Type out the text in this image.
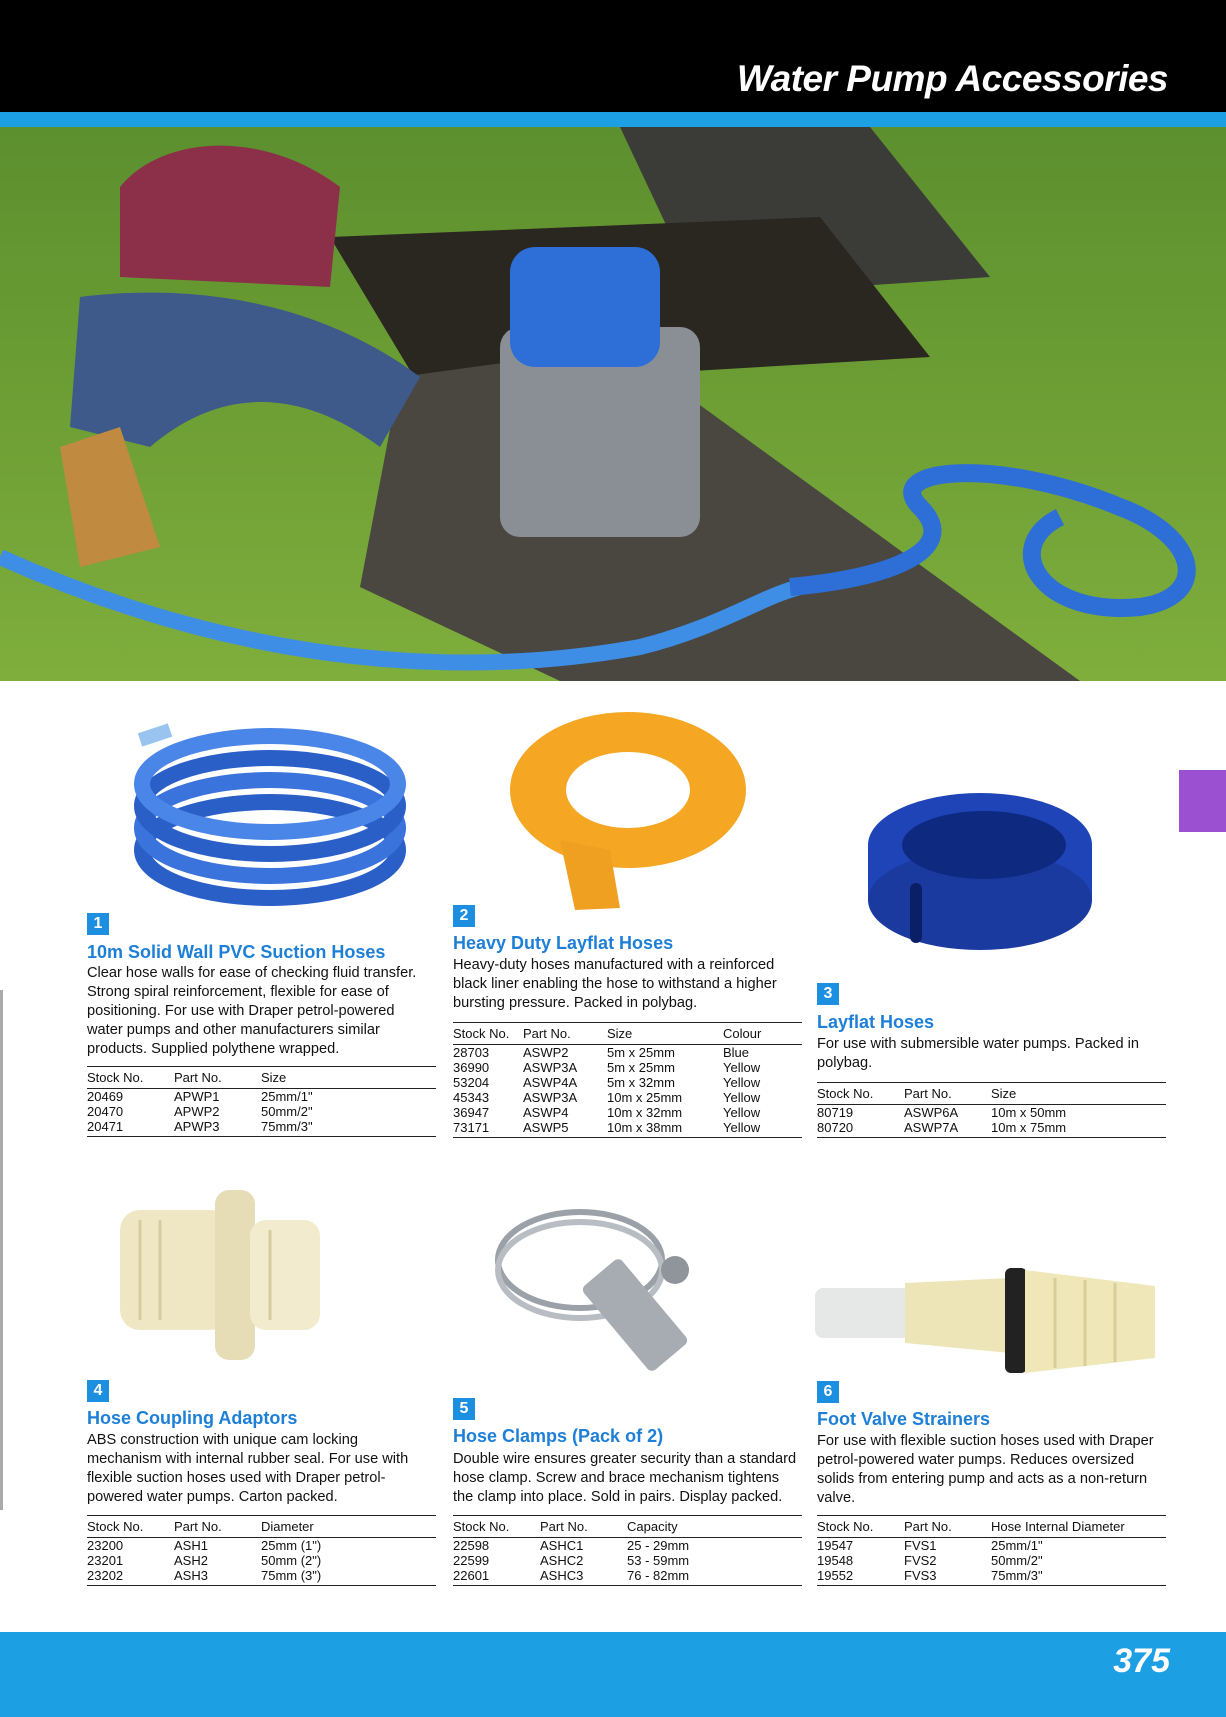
Water Pump Accessories
1
10m Solid Wall PVC Suction Hoses
Clear hose walls for ease of checking fluid transfer. Strong spiral reinforcement, flexible for ease of positioning. For use with Draper petrol-powered water pumps and other manufacturers similar products. Supplied polythene wrapped.
Stock No.	Part No.	Size
20469	APWP1	25mm/1"
20470	APWP2	50mm/2"
20471	APWP3	75mm/3"
2
Heavy Duty Layflat Hoses
Heavy-duty hoses manufactured with a reinforced black liner enabling the hose to withstand a higher bursting pressure. Packed in polybag.
Stock No.	Part No.	Size	Colour
28703	ASWP2	5m x 25mm	Blue
36990	ASWP3A	5m x 25mm	Yellow
53204	ASWP4A	5m x 32mm	Yellow
45343	ASWP3A	10m x 25mm	Yellow
36947	ASWP4	10m x 32mm	Yellow
73171	ASWP5	10m x 38mm	Yellow
3
Layflat Hoses
For use with submersible water pumps. Packed in polybag.
Stock No.	Part No.	Size
80719	ASWP6A	10m x 50mm
80720	ASWP7A	10m x 75mm
4
Hose Coupling Adaptors
ABS construction with unique cam locking mechanism with internal rubber seal. For use with flexible suction hoses used with Draper petrol-powered water pumps. Carton packed.
Stock No.	Part No.	Diameter
23200	ASH1	25mm (1")
23201	ASH2	50mm (2")
23202	ASH3	75mm (3")
5
Hose Clamps (Pack of 2)
Double wire ensures greater security than a standard hose clamp. Screw and brace mechanism tightens the clamp into place. Sold in pairs. Display packed.
Stock No.	Part No.	Capacity
22598	ASHC1	25 - 29mm
22599	ASHC2	53 - 59mm
22601	ASHC3	76 - 82mm
6
Foot Valve Strainers
For use with flexible suction hoses used with Draper petrol-powered water pumps. Reduces oversized solids from entering pump and acts as a non-return valve.
Stock No.	Part No.	Hose Internal Diameter
19547	FVS1	25mm/1"
19548	FVS2	50mm/2"
19552	FVS3	75mm/3"
375
